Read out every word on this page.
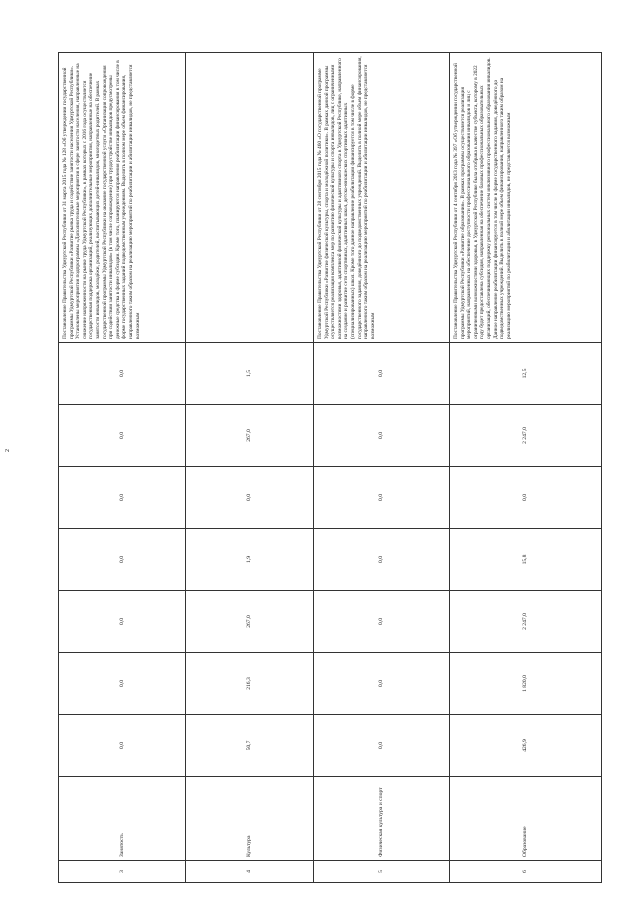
2
3	Занятость	0,0	0,0	0,0	0,0	0,0	0,0	0,0	Постановление Правительства Удмуртской Республики от 31 марта 2015 года № 128 «Об утверждении государственной программы Удмуртской Республики «Развитие рынка труда и содействие занятости населения Удмуртской Республики». Установлены мероприятия подпрограммы «Дополнительные мероприятия в сфере занятости населения, направленные на снижение напряженности на рынке труда Удмуртской Республики», в рамках которых с 2016 года осуществляется государственная поддержка организаций, реализующих дополнительные мероприятия, направленные на обеспечение занятости инвалидов, молодёжи, родителей, воспитывающих детей-инвалидов, многодетных родителей. В рамках государственной программы Удмуртской Республики на оказание государственной услуги «Организация сопровождения при содействии занятости инвалидов» (в том числе сопровождение) при трудоустройстве инвалидов предусмотрены денежные средства в форме субсидии. Кроме того, планируются направления реабилитации финансирования в том числе в форме государственных заданий подведомственным учреждениям. Выделить в полном мере объем финансирования, направленного таким образом на реализацию мероприятий по реабилитации и абилитации инвалидов, не представляется возможным
4	Культура	50,7	216,3	267,0	1,9	0,0	267,0	1,5	
5	Физическая культура и спорт	0,0	0,0	0,0	0,0	0,0	0,0	0,0	Постановление Правительства Удмуртской Республики от 28 сентября 2015 года № 460 «О государственной программе Удмуртской Республики «Развитие физической культуры, спорта и молодёжной политики». В рамках данной программы осуществляется реализация комплекса мер по развитию физической культуры и спорта инвалидов, лиц с ограниченными возможностями здоровья, адаптивной физической культуры и адаптивного спорта в Удмуртской Республике, направленного на создание и развитие сети спортивных, адаптивных школ, детско-юношеских спортивных адаптивных (специализированных) школ. Кроме того данное направление реабилитации финансируется в том числе в форме государственного задания, доведённого до подведомственных учреждений. Выделить в полной мере объем финансирования, направленного таким образом на реализацию мероприятий по реабилитации и абилитации инвалидов, не представляется возможным
6	Образование	426,9	1 820,0	2 247,0	15,8	0,0	2 247,0	12,5	Постановление Правительства Удмуртской Республики от 4 сентября 2013 года № 397 «Об утверждении государственной программы Удмуртской Республики «Развитие образования». В рамках программы осуществляется реализация мероприятий, направленных на обеспечение доступности профессионального образования инвалидов и лиц с ограниченными возможностями здоровья, в Удмуртской Республике была отобрана в качестве субъекта, которому в 2022 году будет предоставлена субсидия, направленная на обеспечение базовых профессиональных образовательных организаций, обеспечивающих поддержку региональных систем инклюзивного профессионального образования инвалидов. Данное направление реабилитации финансируется в том числе в форме государственного задания, доведённого до подведомственных учреждений. Выделить в полной мере объем финансирования, направленного таким образом на реализацию мероприятий по реабилитации и абилитации инвалидов, не представляется возможным
